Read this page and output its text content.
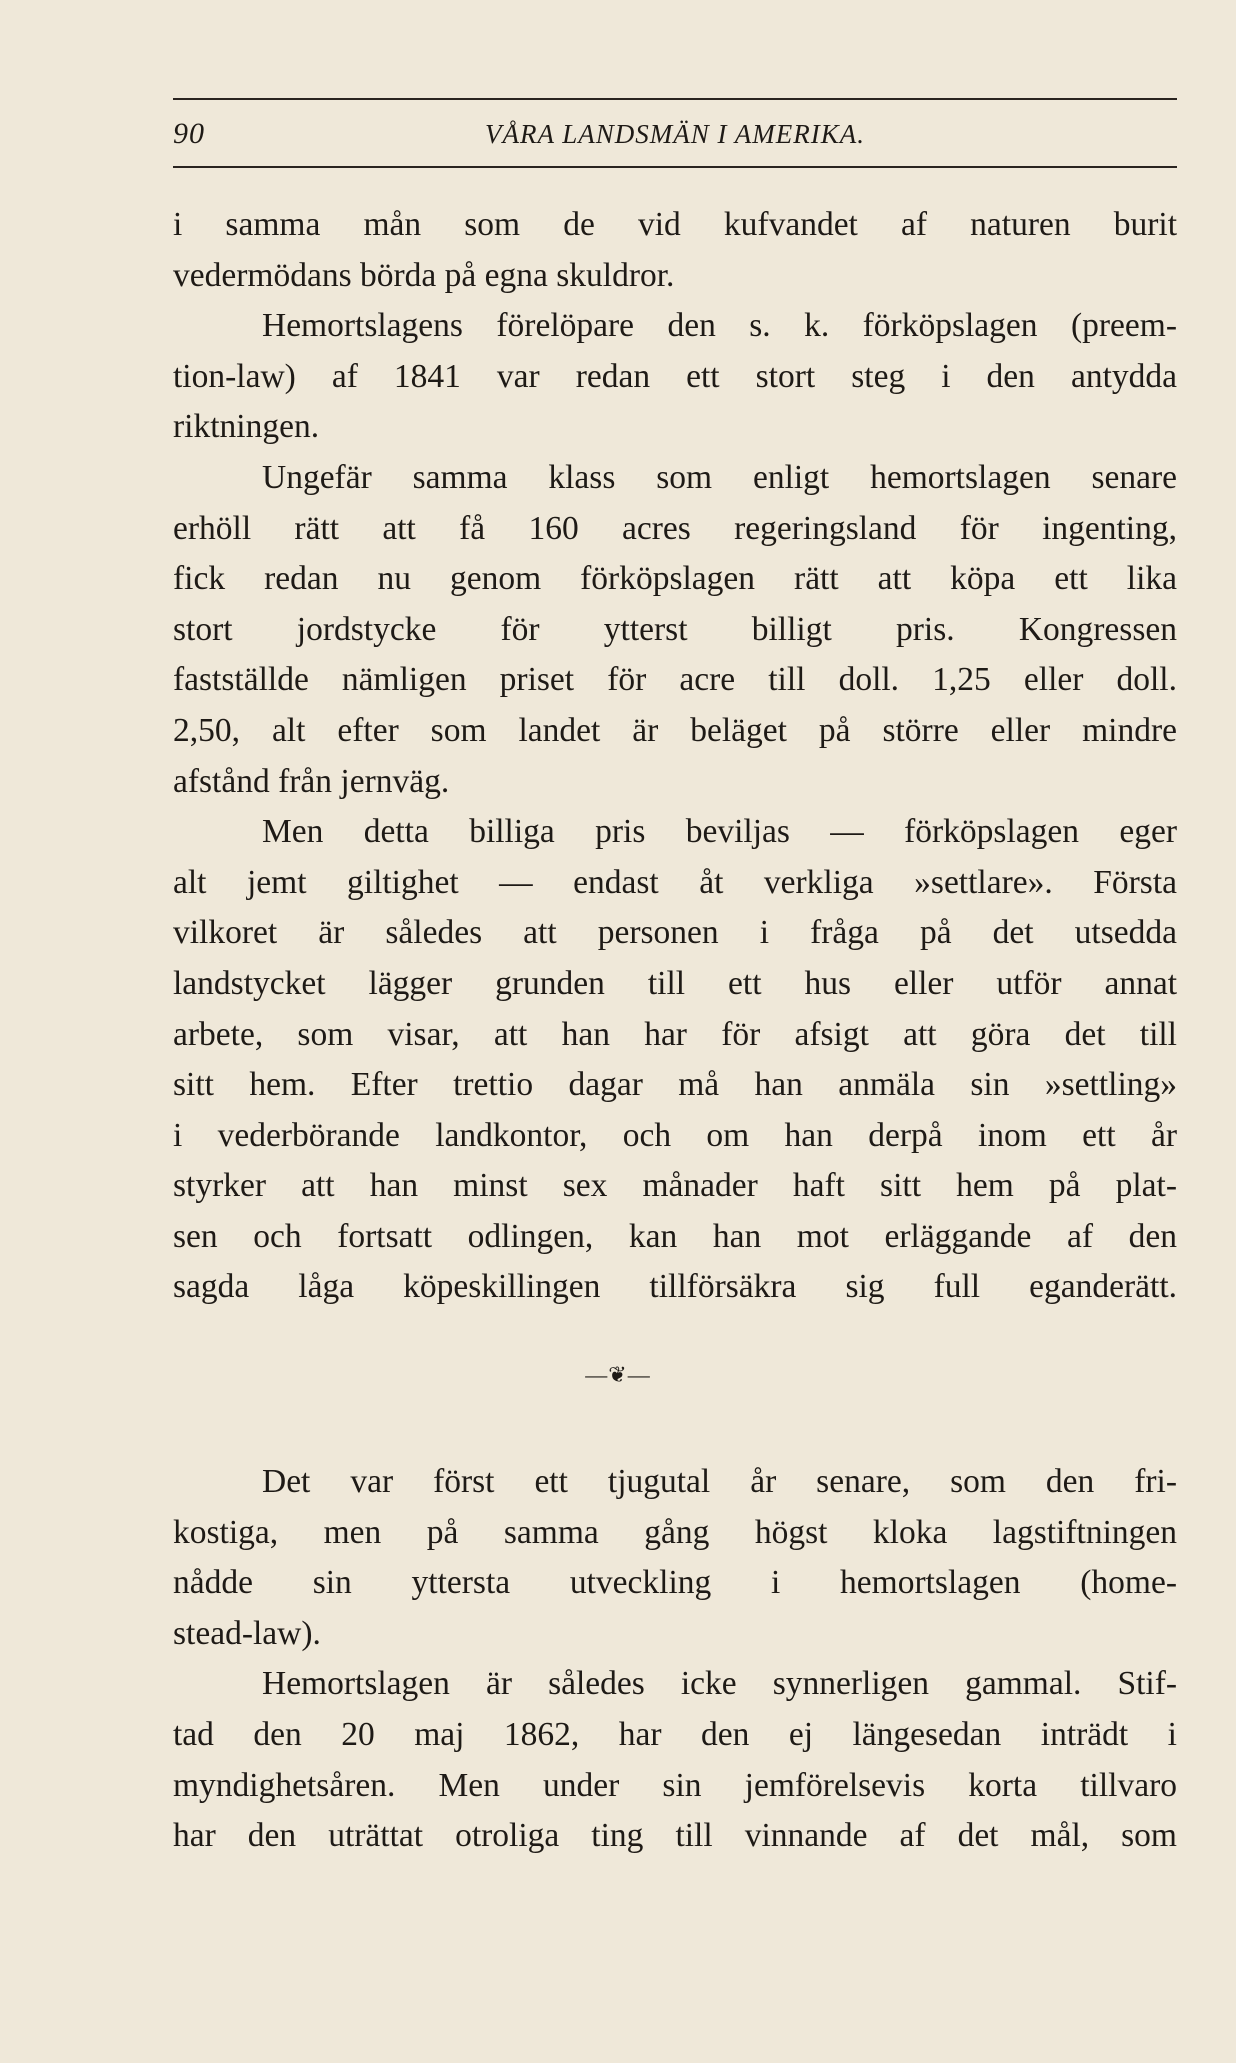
90	VÅRA LANDSMÄN I AMERIKA.
i samma mån som de vid kufvandet af naturen burit
vedermödans börda på egna skuldror.
Hemortslagens förelöpare den s. k. förköpslagen (preem-
tion-law) af 1841 var redan ett stort steg i den antydda
riktningen.
Ungefär samma klass som enligt hemortslagen senare
erhöll rätt att få 160 acres regeringsland för ingenting,
fick redan nu genom förköpslagen rätt att köpa ett lika
stort jordstycke för ytterst billigt pris. Kongressen
fastställde nämligen priset för acre till doll. 1,25 eller doll.
2,50, alt efter som landet är beläget på större eller mindre
afstånd från jernväg.
Men detta billiga pris beviljas — förköpslagen eger
alt jemt giltighet — endast åt verkliga »settlare». Första
vilkoret är således att personen i fråga på det utsedda
landstycket lägger grunden till ett hus eller utför annat
arbete, som visar, att han har för afsigt att göra det till
sitt hem. Efter trettio dagar må han anmäla sin »settling»
i vederbörande landkontor, och om han derpå inom ett år
styrker att han minst sex månader haft sitt hem på plat-
sen och fortsatt odlingen, kan han mot erläggande af den
sagda låga köpeskillingen tillförsäkra sig full eganderätt.
—❦—
Det var först ett tjugutal år senare, som den fri-
kostiga, men på samma gång högst kloka lagstiftningen
nådde sin yttersta utveckling i hemortslagen (home-
stead-law).
Hemortslagen är således icke synnerligen gammal. Stif-
tad den 20 maj 1862, har den ej längesedan inträdt i
myndighetsåren. Men under sin jemförelsevis korta tillvaro
har den uträttat otroliga ting till vinnande af det mål, som
